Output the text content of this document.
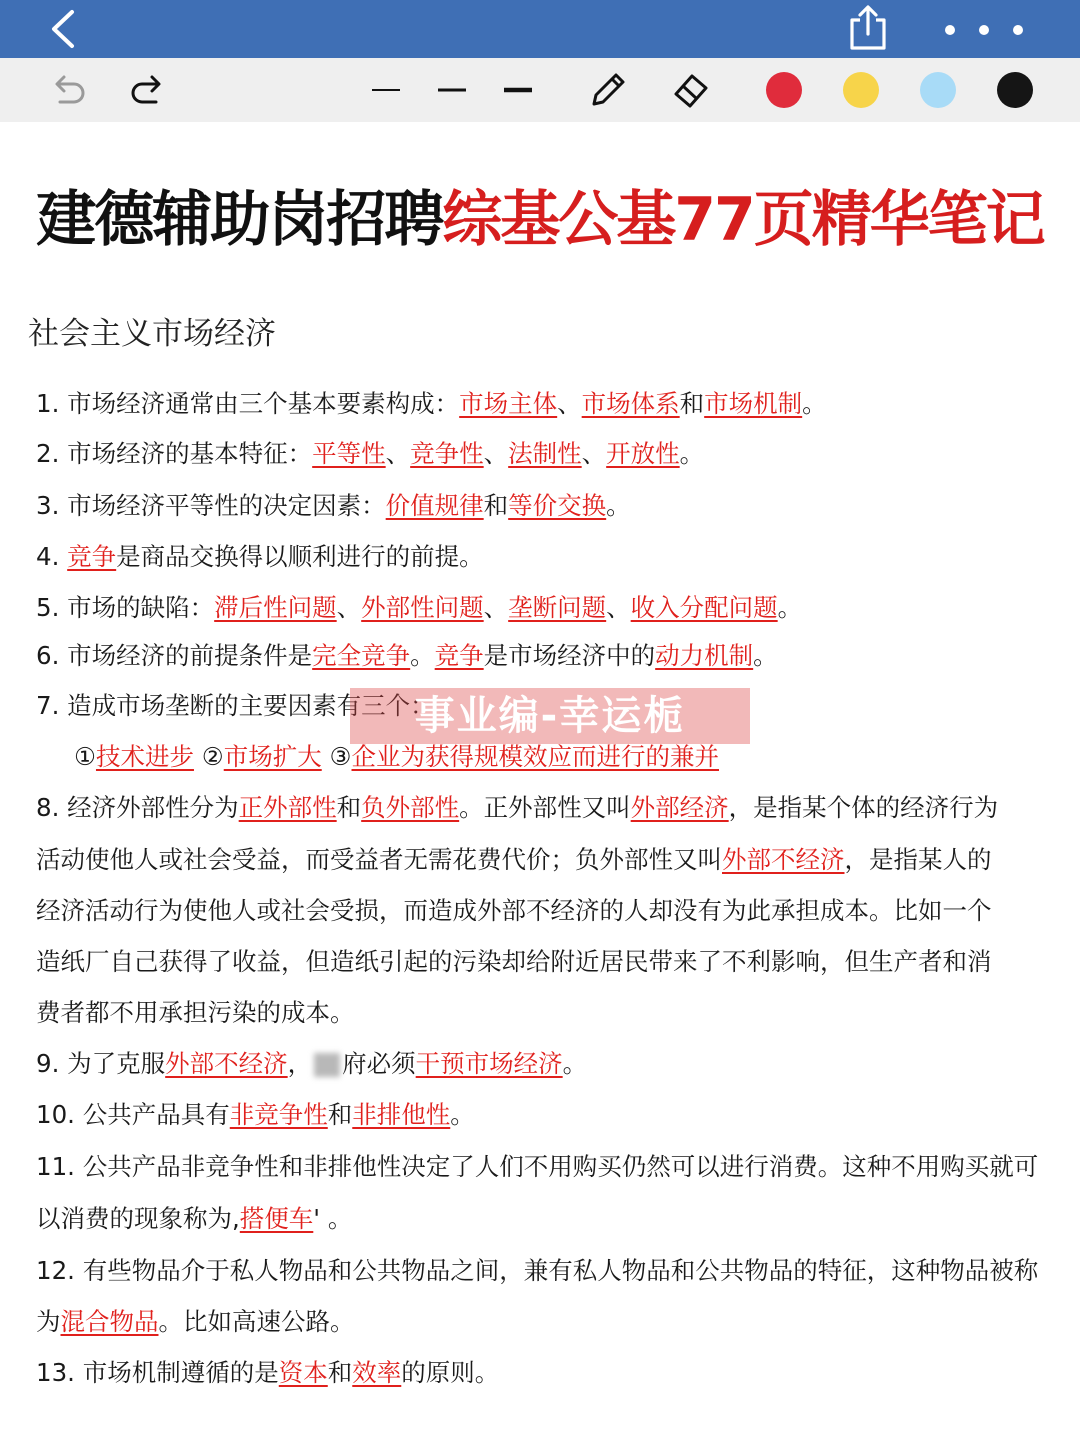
建德辅助岗招聘综基公基77页精华笔记
社会主义市场经济
1. 市场经济通常由三个基本要素构成：市场主体、市场体系和市场机制。
2. 市场经济的基本特征：平等性、竞争性、法制性、开放性。
3. 市场经济平等性的决定因素：价值规律和等价交换。
4. 竞争是商品交换得以顺利进行的前提。
5. 市场的缺陷：滞后性问题、外部性问题、垄断问题、收入分配问题。
6. 市场经济的前提条件是完全竞争。竞争是市场经济中的动力机制。
7. 造成市场垄断的主要因素有三个：
①技术进步 ②市场扩大 ③企业为获得规模效应而进行的兼并
8. 经济外部性分为正外部性和负外部性。正外部性又叫外部经济，是指某个体的经济行为
活动使他人或社会受益，而受益者无需花费代价；负外部性又叫外部不经济，是指某人的
经济活动行为使他人或社会受损，而造成外部不经济的人却没有为此承担成本。比如一个
造纸厂自己获得了收益，但造纸引起的污染却给附近居民带来了不利影响，但生产者和消
费者都不用承担污染的成本。
9. 为了克服外部不经济， 府必须干预市场经济。
10. 公共产品具有非竞争性和非排他性。
11. 公共产品非竞争性和非排他性决定了人们不用购买仍然可以进行消费。这种不用购买就可
以消费的现象称为,搭便车' 。
12. 有些物品介于私人物品和公共物品之间，兼有私人物品和公共物品的特征，这种物品被称
为混合物品。比如高速公路。
13. 市场机制遵循的是资本和效率的原则。
事业编-幸运栀
